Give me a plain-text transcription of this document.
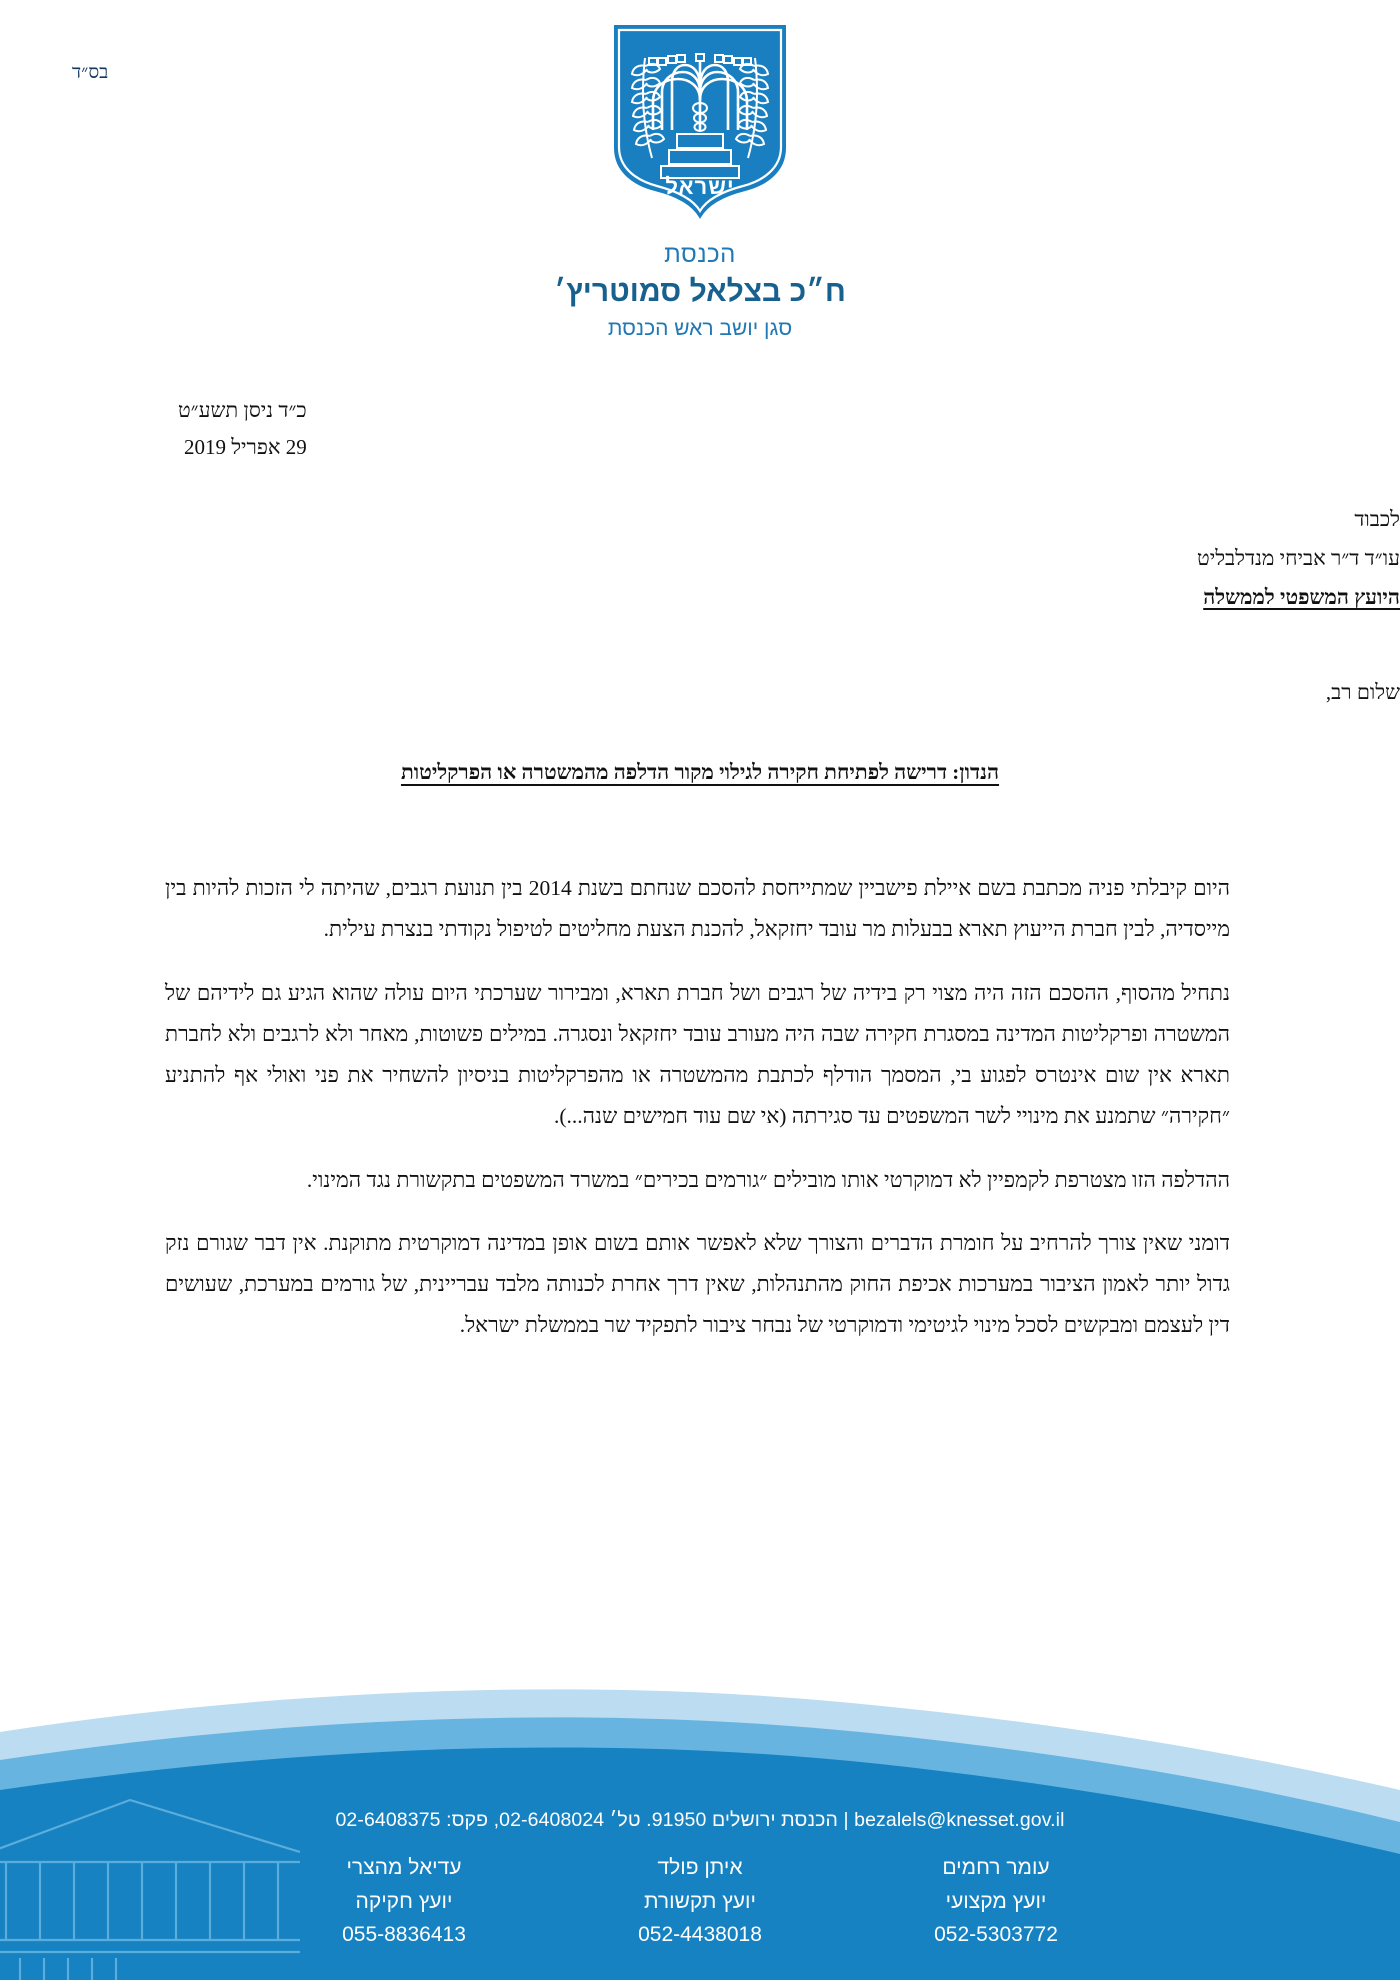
בס״ד
ישראל
הכנסת
ח״כ בצלאל סמוטריץ׳
סגן יושב ראש הכנסת
כ״ד ניסן תשע״ט
29 אפריל 2019
לכבוד
עו״ד ד״ר אביחי מנדלבליט
היועץ המשפטי לממשלה
שלום רב,
הנדון: דרישה לפתיחת חקירה לגילוי מקור הדלפה מהמשטרה או הפרקליטות

היום קיבלתי פניה מכתבת בשם איילת פישביין שמתייחסת להסכם שנחתם בשנת 2014 בין תנועת רגבים, שהיתה לי הזכות להיות בין מייסדיה, לבין חברת הייעוץ תארא בבעלות מר עובד יחזקאל, להכנת הצעת מחליטים לטיפול נקודתי בנצרת עילית.

נתחיל מהסוף, ההסכם הזה היה מצוי רק בידיה של רגבים ושל חברת תארא, ומבירור שערכתי היום עולה שהוא הגיע גם לידיהם של המשטרה ופרקליטות המדינה במסגרת חקירה שבה היה מעורב עובד יחזקאל ונסגרה. במילים פשוטות, מאחר ולא לרגבים ולא לחברת תארא אין שום אינטרס לפגוע בי, המסמך הודלף לכתבת מהמשטרה או מהפרקליטות בניסיון להשחיר את פני ואולי אף להתניע ״חקירה״ שתמנע את מינויי לשר המשפטים עד סגירתה (אי שם עוד חמישים שנה...).

ההדלפה הזו מצטרפת לקמפיין לא דמוקרטי אותו מובילים ״גורמים בכירים״ במשרד המשפטים בתקשורת נגד המינוי.

דומני שאין צורך להרחיב על חומרת הדברים והצורך שלא לאפשר אותם בשום אופן במדינה דמוקרטית מתוקנת. אין דבר שגורם נזק גדול יותר לאמון הציבור במערכות אכיפת החוק מהתנהלות, שאין דרך אחרת לכנותה מלבד עבריינית, של גורמים במערכת, שעושים דין לעצמם ומבקשים לסכל מינוי לגיטימי ודמוקרטי של נבחר ציבור לתפקיד שר בממשלת ישראל.

bezalels@knesset.gov.il | הכנסת ירושלים 91950. טל׳ 02-6408024, פקס: 02-6408375
עדיאל מהצרי
יועץ חקיקה
055-8836413
איתן פולד
יועץ תקשורת
052-4438018
עומר רחמים
יועץ מקצועי
052-5303772
